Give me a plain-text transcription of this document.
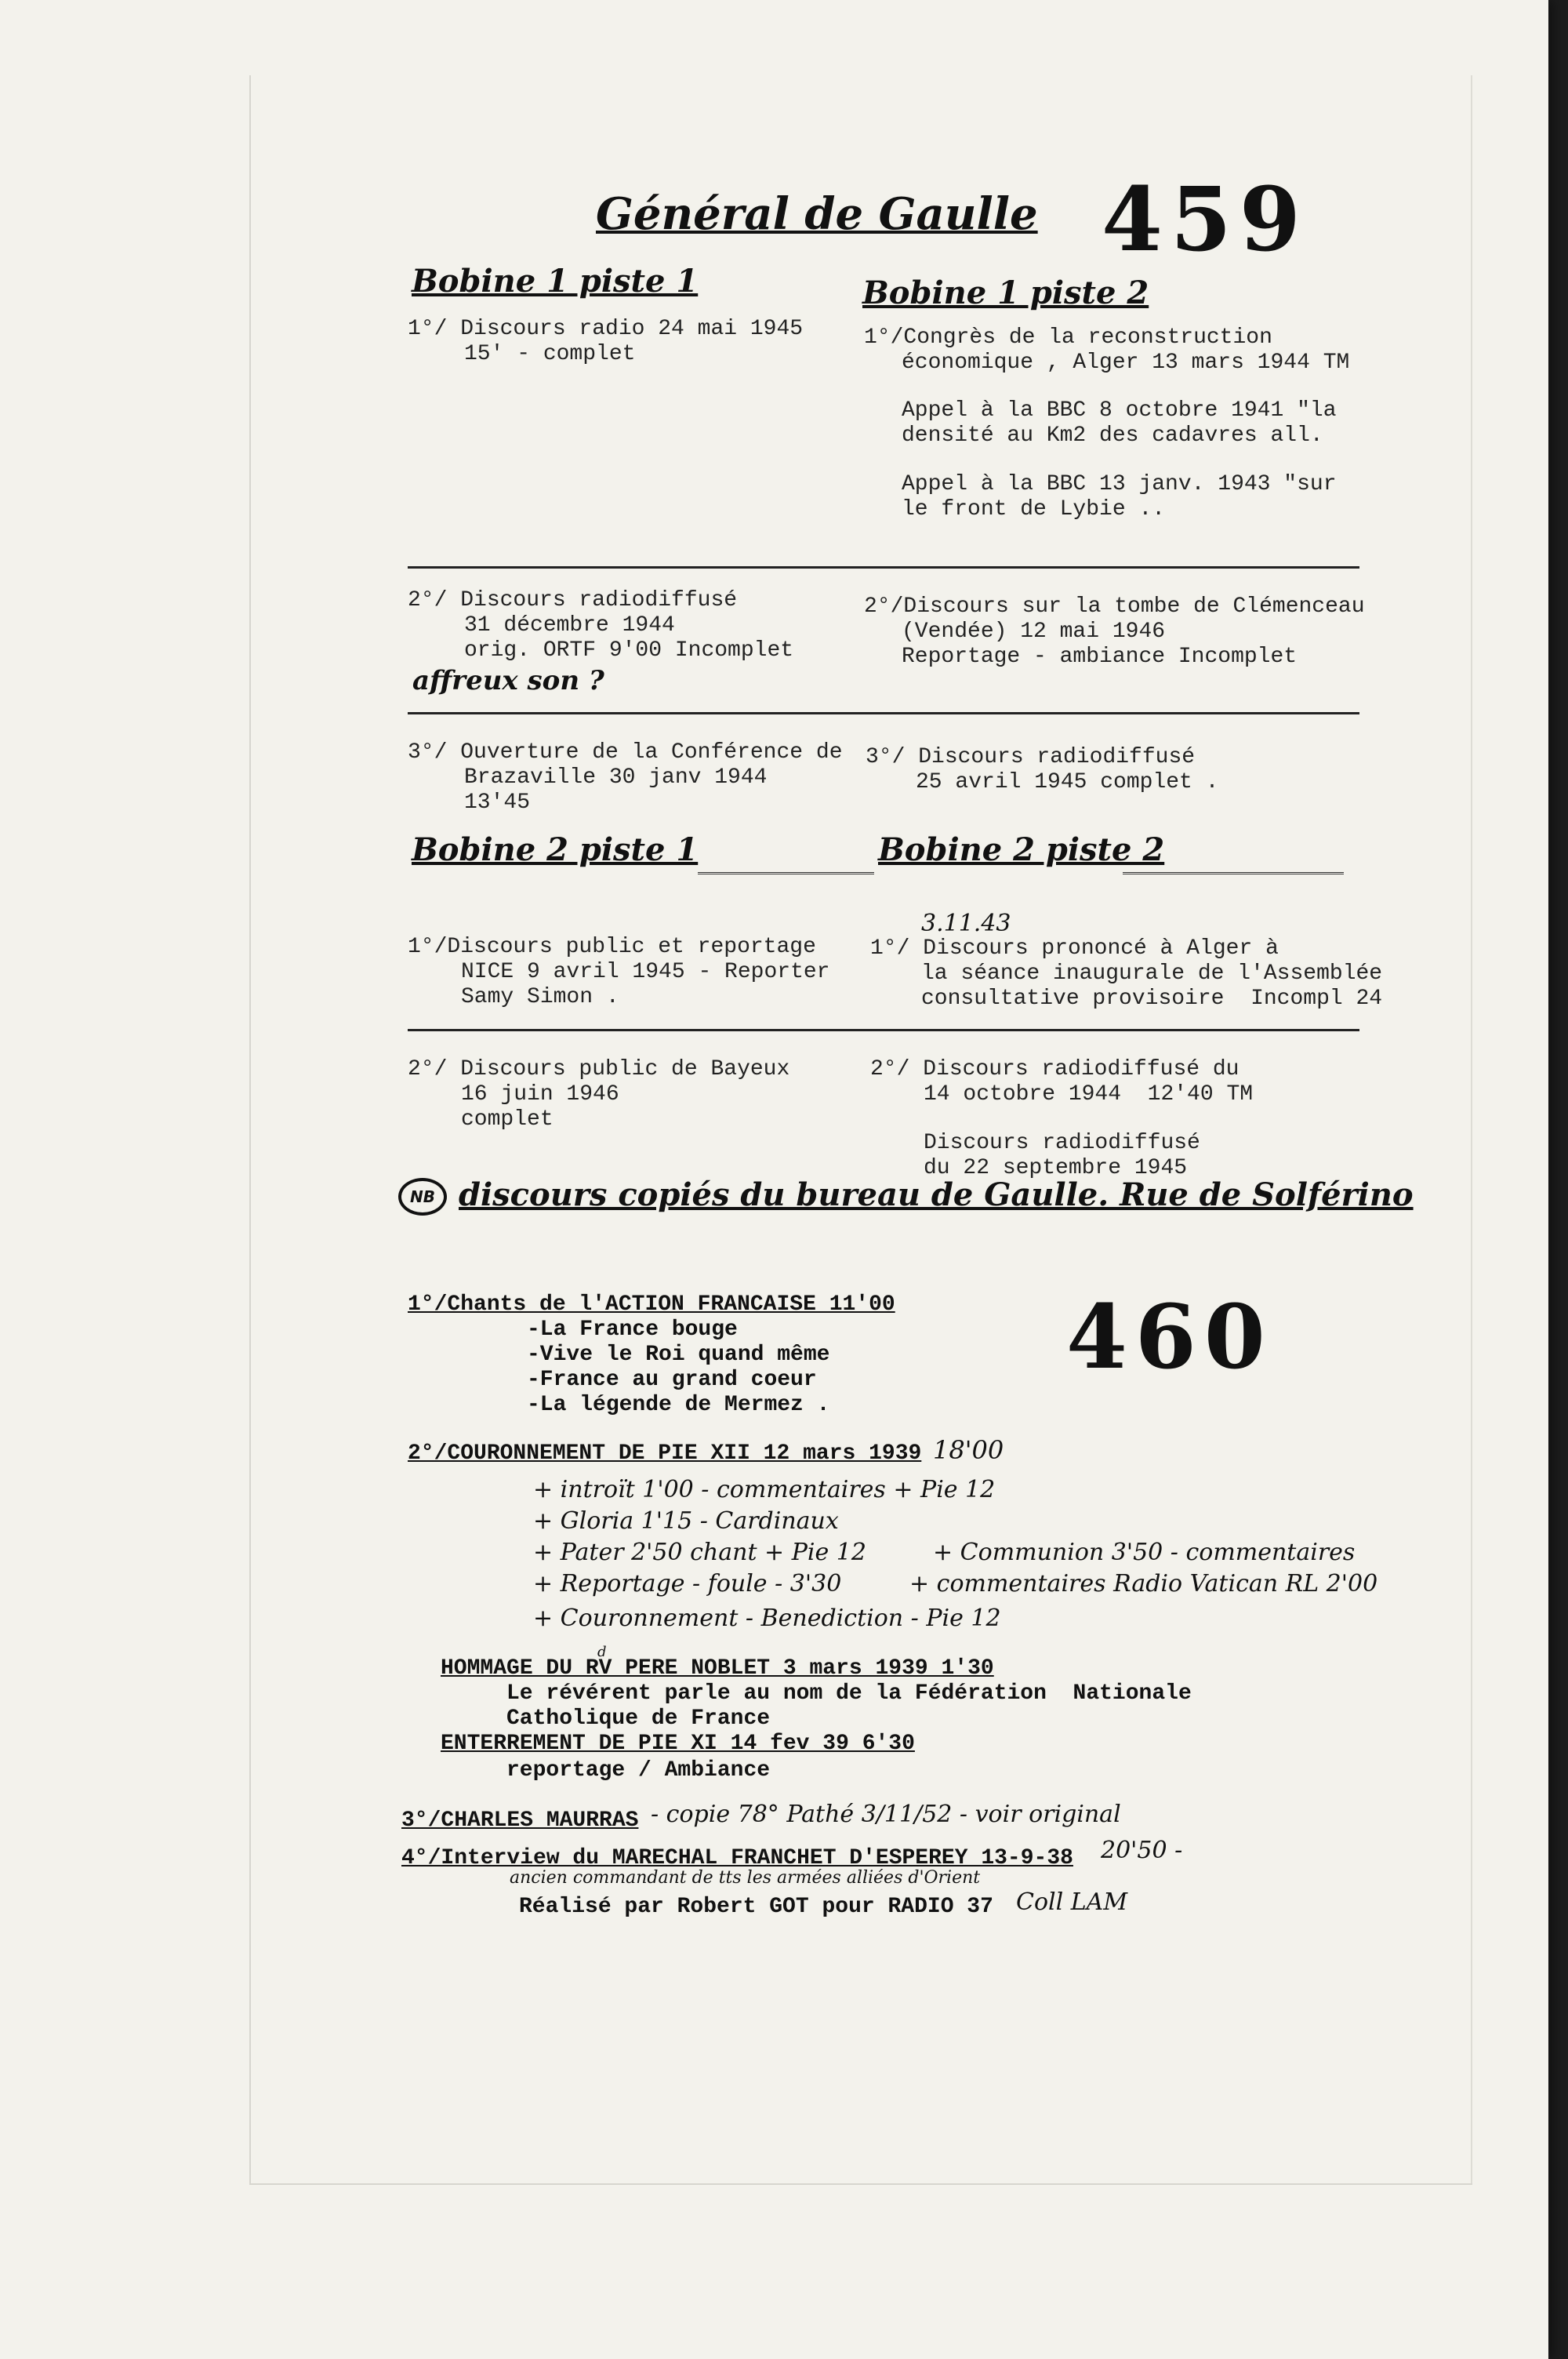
Général de Gaulle 459
Bobine 1 piste 1	Bobine 1 piste 2
1°/ Discours radio 24 mai 1945
15' - complet
1°/Congrès de la reconstruction
économique , Alger 13 mars 1944 TM
Appel à la BBC 8 octobre 1941 "la
densité au Km2 des cadavres all.
Appel à la BBC 13 janv. 1943 "sur
le front de Lybie ..
2°/ Discours radiodiffusé
31 décembre 1944
orig. ORTF 9'00 Incomplet
affreux son ?
2°/Discours sur la tombe de Clémenceau
(Vendée) 12 mai 1946
Reportage - ambiance Incomplet
3°/ Ouverture de la Conférence de
Brazaville 30 janv 1944
13'45
3°/ Discours radiodiffusé
25 avril 1945 complet .
Bobine 2 piste 1	Bobine 2 piste 2
3.11.43
1°/Discours public et reportage
NICE 9 avril 1945 - Reporter
Samy Simon .
1°/ Discours prononcé à Alger à
la séance inaugurale de l'Assemblée
consultative provisoire  Incompl 24
2°/ Discours public de Bayeux
16 juin 1946
complet
2°/ Discours radiodiffusé du
14 octobre 1944  12'40 TM
Discours radiodiffusé
du 22 septembre 1945
NB discours copiés du bureau de Gaulle. Rue de Solférino
460
1°/Chants de l'ACTION FRANCAISE 11'00
-La France bouge
-Vive le Roi quand même
-France au grand coeur
-La légende de Mermez .
2°/COURONNEMENT DE PIE XII 12 mars 1939 18'00
+ introït 1'00 - commentaires + Pie 12
+ Gloria 1'15 - Cardinaux
+ Pater 2'50 chant + Pie 12	+ Communion 3'50 - commentaires
+ Reportage - foule - 3'30	+ commentaires Radio Vatican RL 2'00
+ Couronnement - Benediction - Pie 12
HOMMAGE DU RV PERE NOBLET 3 mars 1939 1'30
d
Le révérent parle au nom de la Fédération  Nationale
Catholique de France
ENTERREMENT DE PIE XI 14 fev 39 6'30
reportage / Ambiance
3°/CHARLES MAURRAS - copie 78° Pathé 3/11/52 - voir original
4°/Interview du MARECHAL FRANCHET D'ESPEREY 13-9-38 20'50 -
ancien commandant de tts les armées alliées d'Orient
Réalisé par Robert GOT pour RADIO 37 Coll LAM
